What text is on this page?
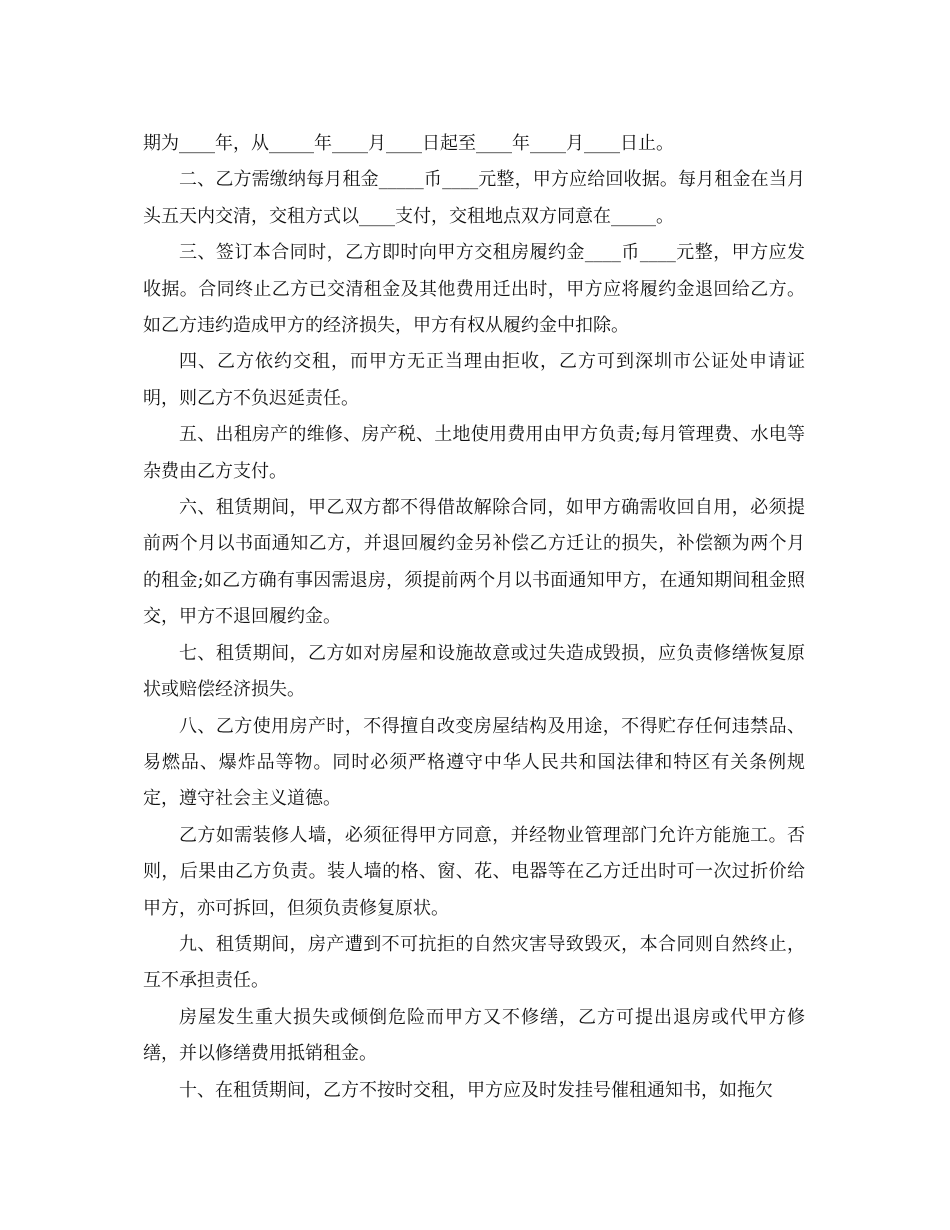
期为____年，从_____年____月____日起至____年____月____日止。

二、乙方需缴纳每月租金_____币____元整，甲方应给回收据。每月租金在当月头五天内交清，交租方式以____支付，交租地点双方同意在_____。

三、签订本合同时，乙方即时向甲方交租房履约金____币____元整，甲方应发收据。合同终止乙方已交清租金及其他费用迁出时，甲方应将履约金退回给乙方。如乙方违约造成甲方的经济损失，甲方有权从履约金中扣除。

四、乙方依约交租，而甲方无正当理由拒收，乙方可到深圳市公证处申请证明，则乙方不负迟延责任。

五、出租房产的维修、房产税、土地使用费用由甲方负责;每月管理费、水电等杂费由乙方支付。

六、租赁期间，甲乙双方都不得借故解除合同，如甲方确需收回自用，必须提前两个月以书面通知乙方，并退回履约金另补偿乙方迁让的损失，补偿额为两个月的租金;如乙方确有事因需退房，须提前两个月以书面通知甲方，在通知期间租金照交，甲方不退回履约金。

七、租赁期间，乙方如对房屋和设施故意或过失造成毁损，应负责修缮恢复原状或赔偿经济损失。

八、乙方使用房产时，不得擅自改变房屋结构及用途，不得贮存任何违禁品、易燃品、爆炸品等物。同时必须严格遵守中华人民共和国法律和特区有关条例规定，遵守社会主义道德。

乙方如需装修人墙，必须征得甲方同意，并经物业管理部门允许方能施工。否则，后果由乙方负责。装人墙的格、窗、花、电器等在乙方迁出时可一次过折价给甲方，亦可拆回，但须负责修复原状。

九、租赁期间，房产遭到不可抗拒的自然灾害导致毁灭，本合同则自然终止，互不承担责任。

房屋发生重大损失或倾倒危险而甲方又不修缮，乙方可提出退房或代甲方修缮，并以修缮费用抵销租金。

十、在租赁期间，乙方不按时交租，甲方应及时发挂号催租通知书，如拖欠
